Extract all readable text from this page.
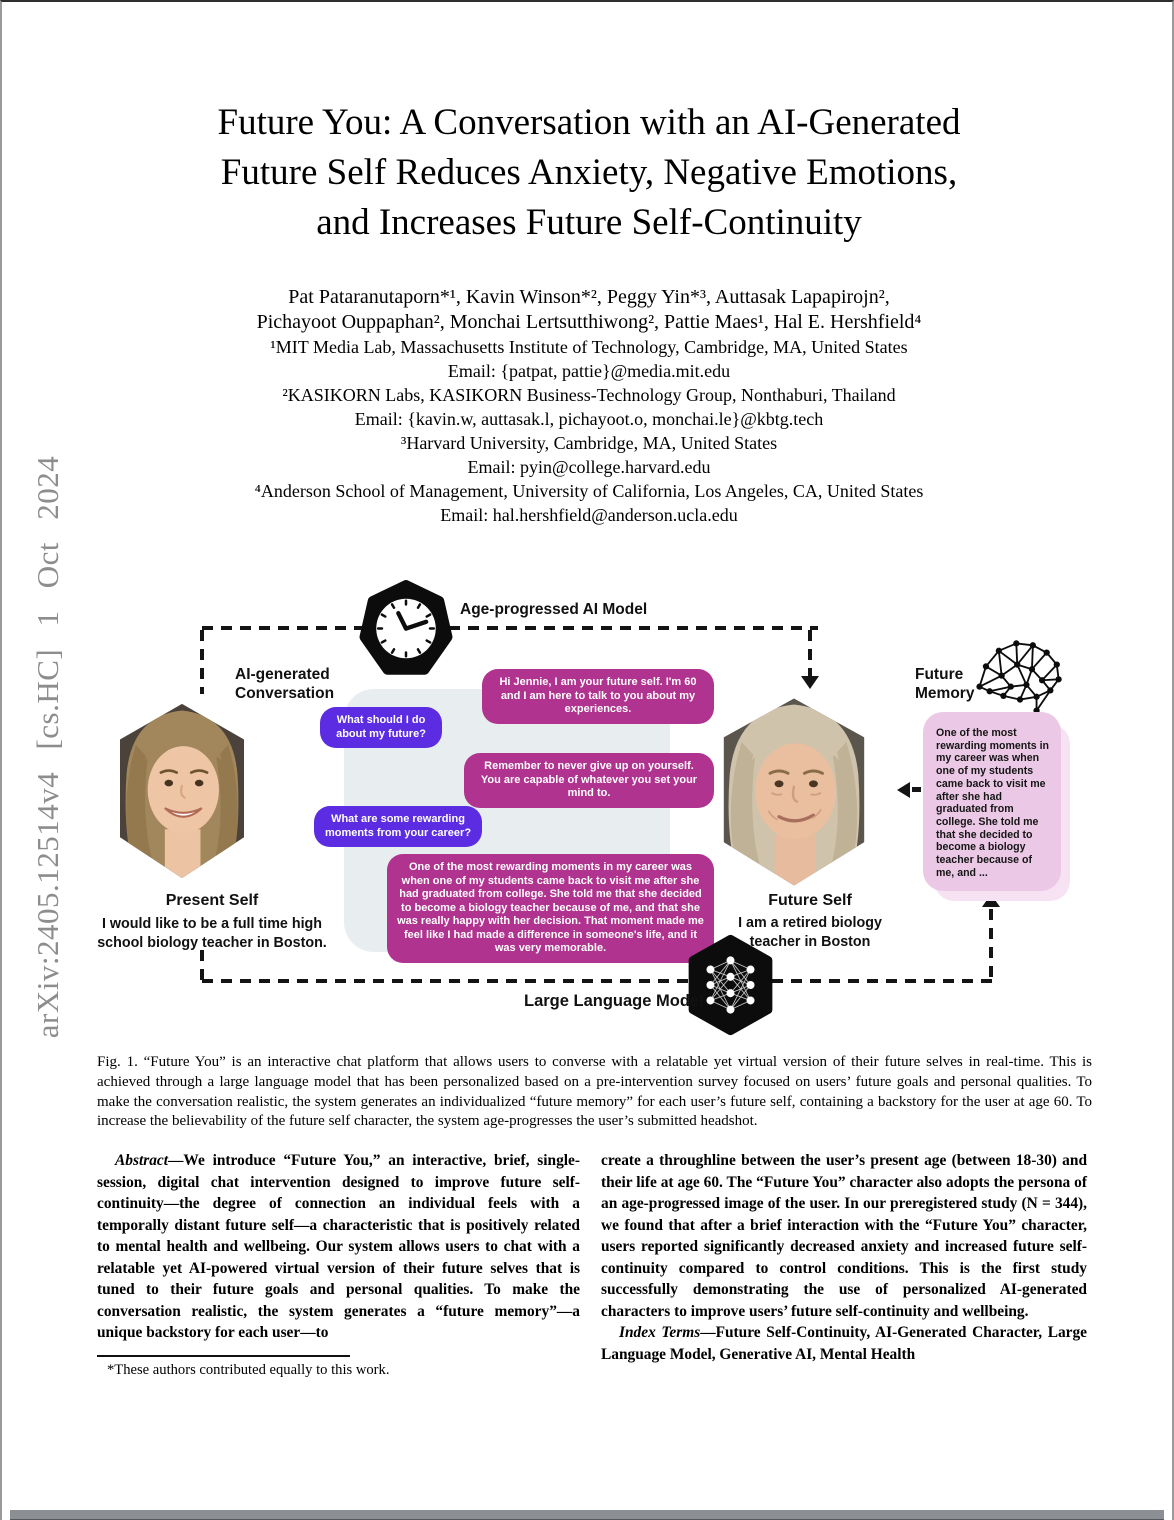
arXiv:2405.12514v4 [cs.HC] 1 Oct 2024
Future You: A Conversation with an AI-Generated
Future Self Reduces Anxiety, Negative Emotions,
and Increases Future Self-Continuity
Pat Pataranutaporn*¹, Kavin Winson*², Peggy Yin*³, Auttasak Lapapirojn²,
Pichayoot Ouppaphan², Monchai Lertsutthiwong², Pattie Maes¹, Hal E. Hershfield⁴
¹MIT Media Lab, Massachusetts Institute of Technology, Cambridge, MA, United States
Email: {patpat, pattie}@media.mit.edu
²KASIKORN Labs, KASIKORN Business-Technology Group, Nonthaburi, Thailand
Email: {kavin.w, auttasak.l, pichayoot.o, monchai.le}@kbtg.tech
³Harvard University, Cambridge, MA, United States
Email: pyin@college.harvard.edu
⁴Anderson School of Management, University of California, Los Angeles, CA, United States
Email: hal.hershfield@anderson.ucla.edu
Age-progressed AI Model
AI-generated Conversation
Hi Jennie, I am your future self. I'm 60 and I am here to talk to you about my experiences.
What should I do about my future?
Remember to never give up on yourself. You are capable of whatever you set your mind to.
What are some rewarding moments from your career?
One of the most rewarding moments in my career was when one of my students came back to visit me after she had graduated from college. She told me that she decided to become a biology teacher because of me, and that she was really happy with her decision. That moment made me feel like I had made a difference in someone's life, and it was very memorable.
Present Self
I would like to be a full time high school biology teacher in Boston.
Future Self
I am a retired biology teacher in Boston
Future Memory
One of the most rewarding moments in my career was when one of my students came back to visit me after she had graduated from college. She told me that she decided to become a biology teacher because of me, and ...
Large Language Model
Fig. 1. “Future You” is an interactive chat platform that allows users to converse with a relatable yet virtual version of their future selves in real-time. This is achieved through a large language model that has been personalized based on a pre-intervention survey focused on users’ future goals and personal qualities. To make the conversation realistic, the system generates an individualized “future memory” for each user’s future self, containing a backstory for the user at age 60. To increase the believability of the future self character, the system age-progresses the user’s submitted headshot.

Abstract—We introduce “Future You,” an interactive, brief, single-session, digital chat intervention designed to improve future self-continuity—the degree of connection an individual feels with a temporally distant future self—a characteristic that is positively related to mental health and wellbeing. Our system allows users to chat with a relatable yet AI-powered virtual version of their future selves that is tuned to their future goals and personal qualities. To make the conversation realistic, the system generates a “future memory”—a unique backstory for each user—to

create a throughline between the user’s present age (between 18-30) and their life at age 60. The “Future You” character also adopts the persona of an age-progressed image of the user. In our preregistered study (N = 344), we found that after a brief interaction with the “Future You” character, users reported significantly decreased anxiety and increased future self-continuity compared to control conditions. This is the first study successfully demonstrating the use of personalized AI-generated characters to improve users’ future self-continuity and wellbeing.

Index Terms—Future Self-Continuity, AI-Generated Character, Large Language Model, Generative AI, Mental Health

*These authors contributed equally to this work.
